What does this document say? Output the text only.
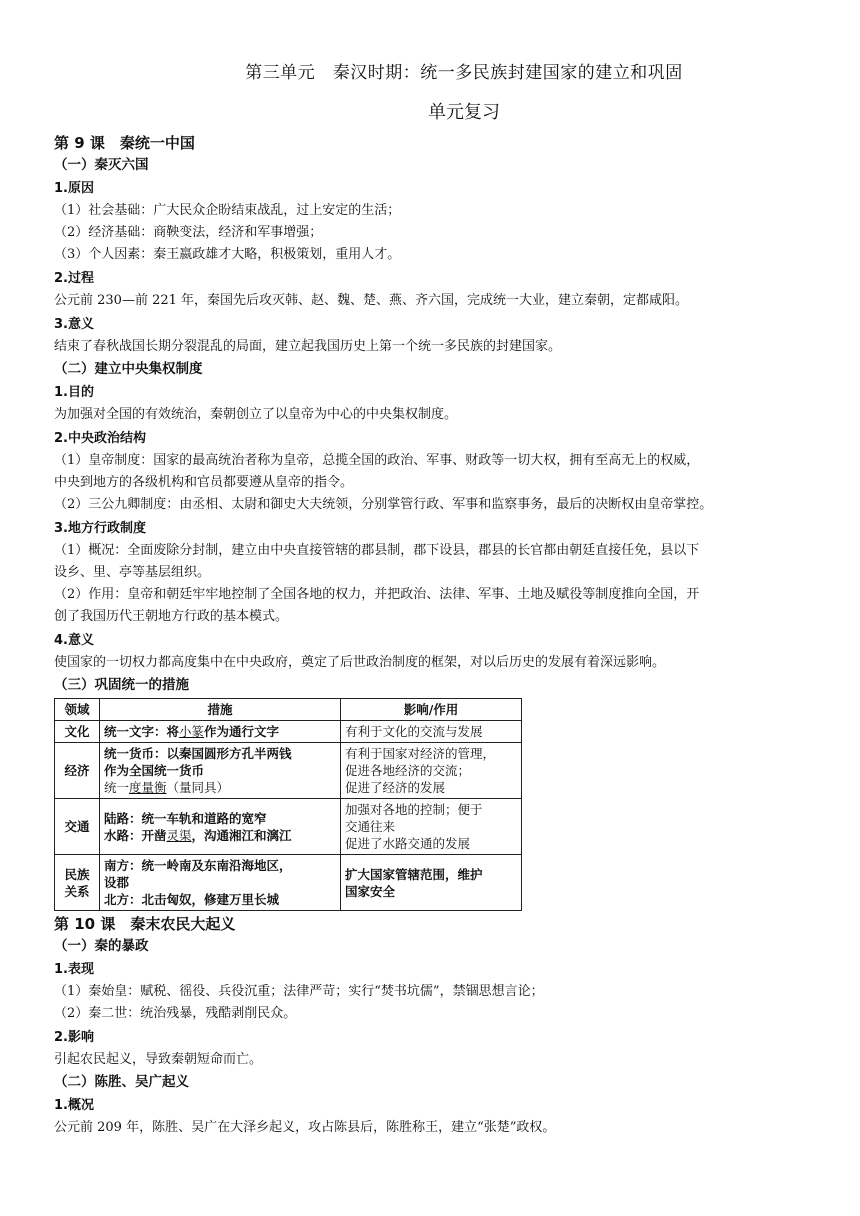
第三单元　秦汉时期：统一多民族封建国家的建立和巩固

单元复习

第 9 课　秦统一中国

（一）秦灭六国

1.原因

（1）社会基础：广大民众企盼结束战乱，过上安定的生活；

（2）经济基础：商鞅变法，经济和军事增强；

（3）个人因素：秦王嬴政雄才大略，积极策划，重用人才。

2.过程

公元前 230—前 221 年，秦国先后攻灭韩、赵、魏、楚、燕、齐六国，完成统一大业，建立秦朝，定都咸阳。

3.意义

结束了春秋战国长期分裂混乱的局面，建立起我国历史上第一个统一多民族的封建国家。

（二）建立中央集权制度

1.目的

为加强对全国的有效统治，秦朝创立了以皇帝为中心的中央集权制度。

2.中央政治结构

（1）皇帝制度：国家的最高统治者称为皇帝，总揽全国的政治、军事、财政等一切大权，拥有至高无上的权威，

中央到地方的各级机构和官员都要遵从皇帝的指令。

（2）三公九卿制度：由丞相、太尉和御史大夫统领，分别掌管行政、军事和监察事务，最后的决断权由皇帝掌控。

3.地方行政制度

（1）概况：全面废除分封制，建立由中央直接管辖的郡县制，郡下设县，郡县的长官都由朝廷直接任免，县以下

设乡、里、亭等基层组织。

（2）作用：皇帝和朝廷牢牢地控制了全国各地的权力，并把政治、法律、军事、土地及赋役等制度推向全国，开

创了我国历代王朝地方行政的基本模式。

4.意义

使国家的一切权力都高度集中在中央政府，奠定了后世政治制度的框架，对以后历史的发展有着深远影响。

（三）巩固统一的措施

领域	措施	影响/作用
文化	统一文字：将小篆作为通行文字	有利于文化的交流与发展
经济	统一货币：以秦国圆形方孔半两钱
作为全国统一货币
统一度量衡（量同具）	有利于国家对经济的管理，
促进各地经济的交流；
促进了经济的发展

交通	陆路：统一车轨和道路的宽窄
水路：开凿灵渠，沟通湘江和漓江	加强对各地的控制；便于
交通往来
促进了水路交通的发展

民族
关系	南方：统一岭南及东南沿海地区，
设郡
北方：北击匈奴，修建万里长城	扩大国家管辖范围，维护
国家安全

第 10 课　秦末农民大起义

（一）秦的暴政

1.表现

（1）秦始皇：赋税、徭役、兵役沉重；法律严苛；实行“焚书坑儒”，禁锢思想言论；

（2）秦二世：统治残暴，残酷剥削民众。

2.影响

引起农民起义，导致秦朝短命而亡。

（二）陈胜、吴广起义

1.概况

公元前 209 年，陈胜、吴广在大泽乡起义，攻占陈县后，陈胜称王，建立“张楚”政权。
